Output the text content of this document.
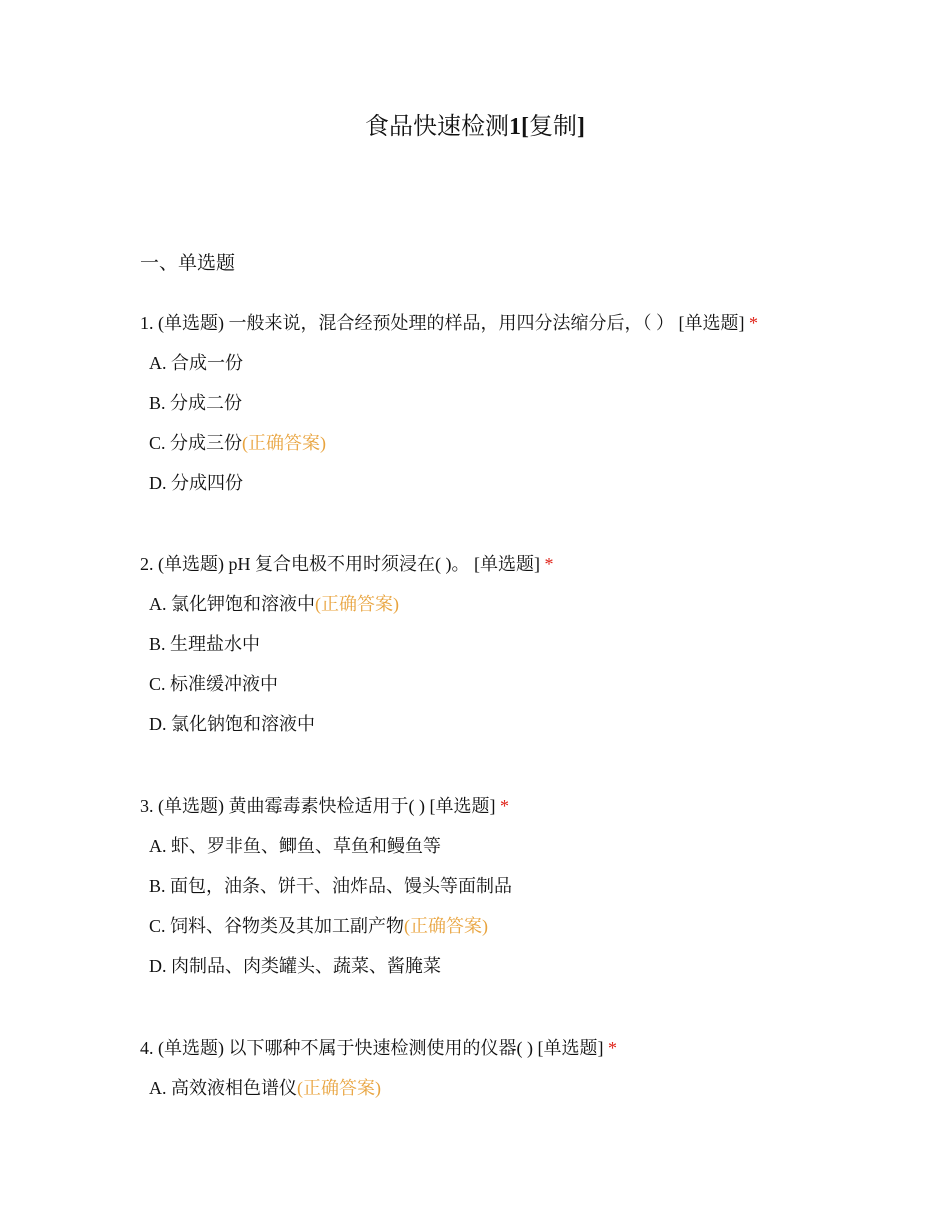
食品快速检测1[复制]
一、单选题
1. (单选题) 一般来说，混合经预处理的样品，用四分法缩分后，（ ） [单选题] *
A. 合成一份
B. 分成二份
C. 分成三份(正确答案)
D. 分成四份
2. (单选题) pH 复合电极不用时须浸在( )。 [单选题] *
A. 氯化钾饱和溶液中(正确答案)
B. 生理盐水中
C. 标准缓冲液中
D. 氯化钠饱和溶液中
3. (单选题) 黄曲霉毒素快检适用于( ) [单选题] *
A. 虾、罗非鱼、鲫鱼、草鱼和鳗鱼等
B. 面包，油条、饼干、油炸品、馒头等面制品
C. 饲料、谷物类及其加工副产物(正确答案)
D. 肉制品、肉类罐头、蔬菜、酱腌菜
4. (单选题) 以下哪种不属于快速检测使用的仪器( ) [单选题] *
A. 高效液相色谱仪(正确答案)
